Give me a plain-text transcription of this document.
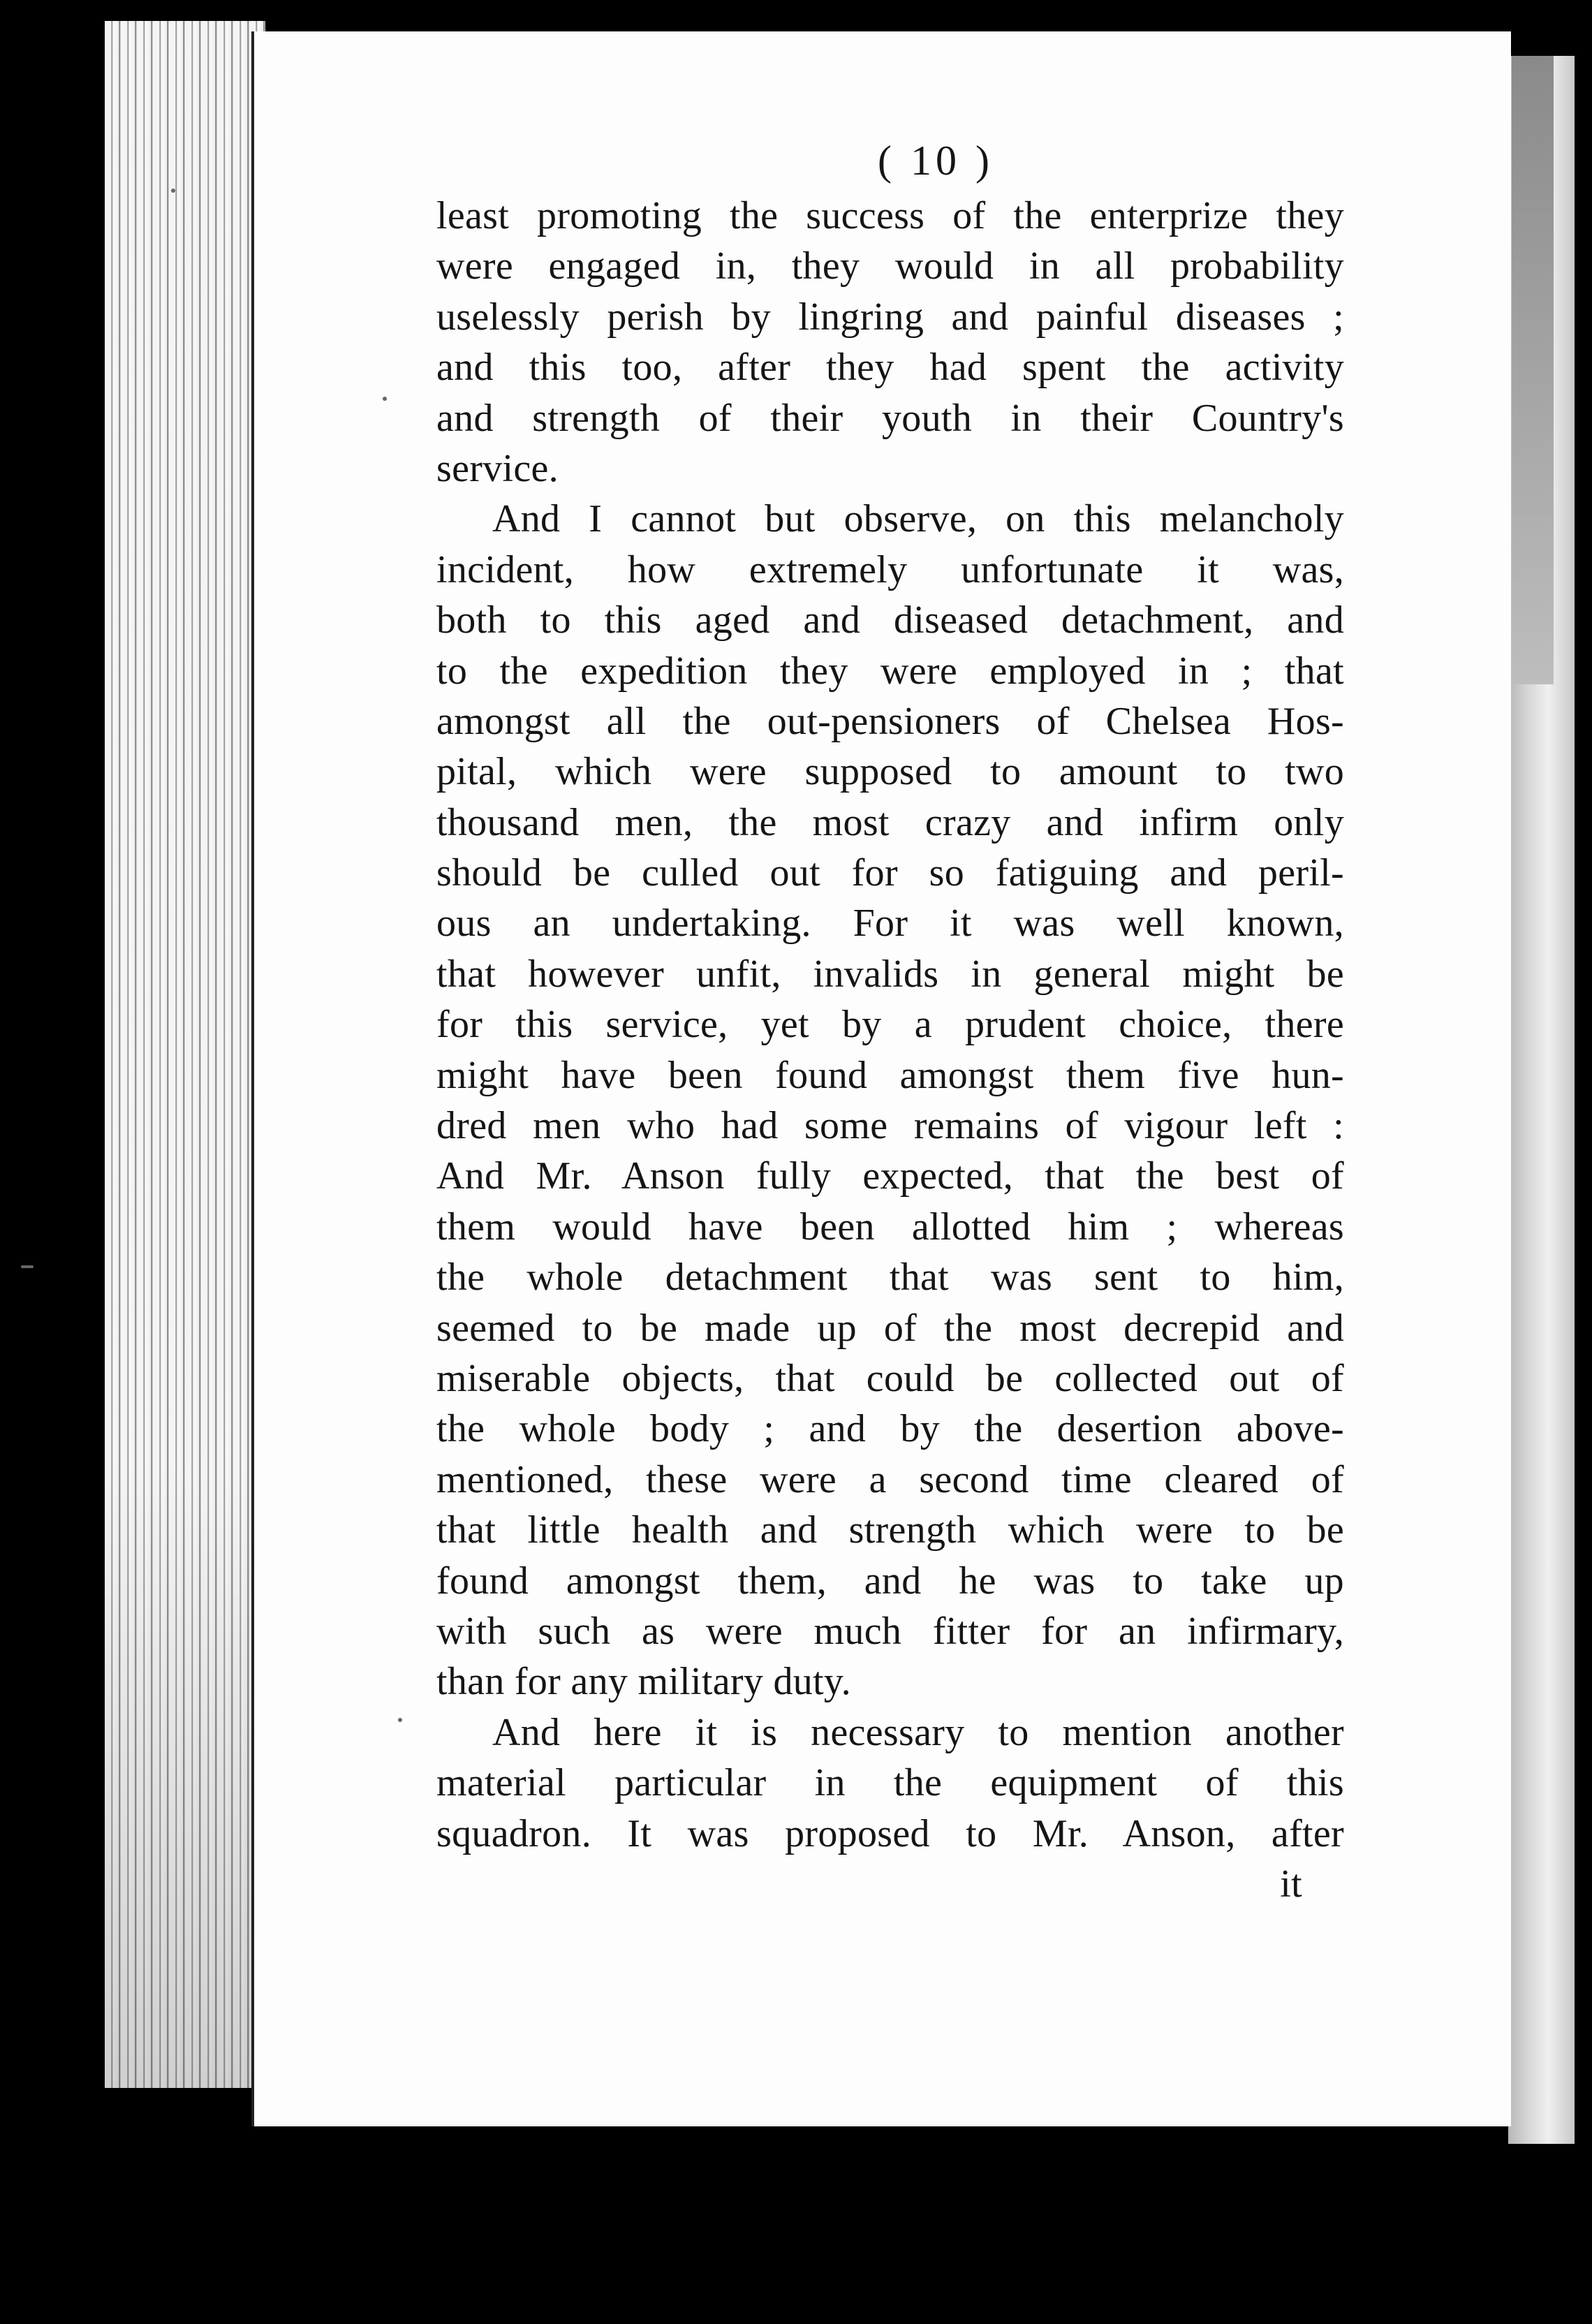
( 10 )
least promoting the success of the enterprize they
were engaged in, they would in all probability
uselessly perish by lingring and painful diseases ;
and this too, after they had spent the activity
and strength of their youth in their Country's
service.
And I cannot but observe, on this melancholy
incident, how extremely unfortunate it was,
both to this aged and diseased detachment, and
to the expedition they were employed in ; that
amongst all the out-pensioners of Chelsea Hos-
pital, which were supposed to amount to two
thousand men, the most crazy and infirm only
should be culled out for so fatiguing and peril-
ous an undertaking. For it was well known,
that however unfit, invalids in general might be
for this service, yet by a prudent choice, there
might have been found amongst them five hun-
dred men who had some remains of vigour left :
And Mr. Anson fully expected, that the best of
them would have been allotted him ; whereas
the whole detachment that was sent to him,
seemed to be made up of the most decrepid and
miserable objects, that could be collected out of
the whole body ; and by the desertion above-
mentioned, these were a second time cleared of
that little health and strength which were to be
found amongst them, and he was to take up
with such as were much fitter for an infirmary,
than for any military duty.
And here it is necessary to mention another
material particular in the equipment of this
squadron. It was proposed to Mr. Anson, after
it
